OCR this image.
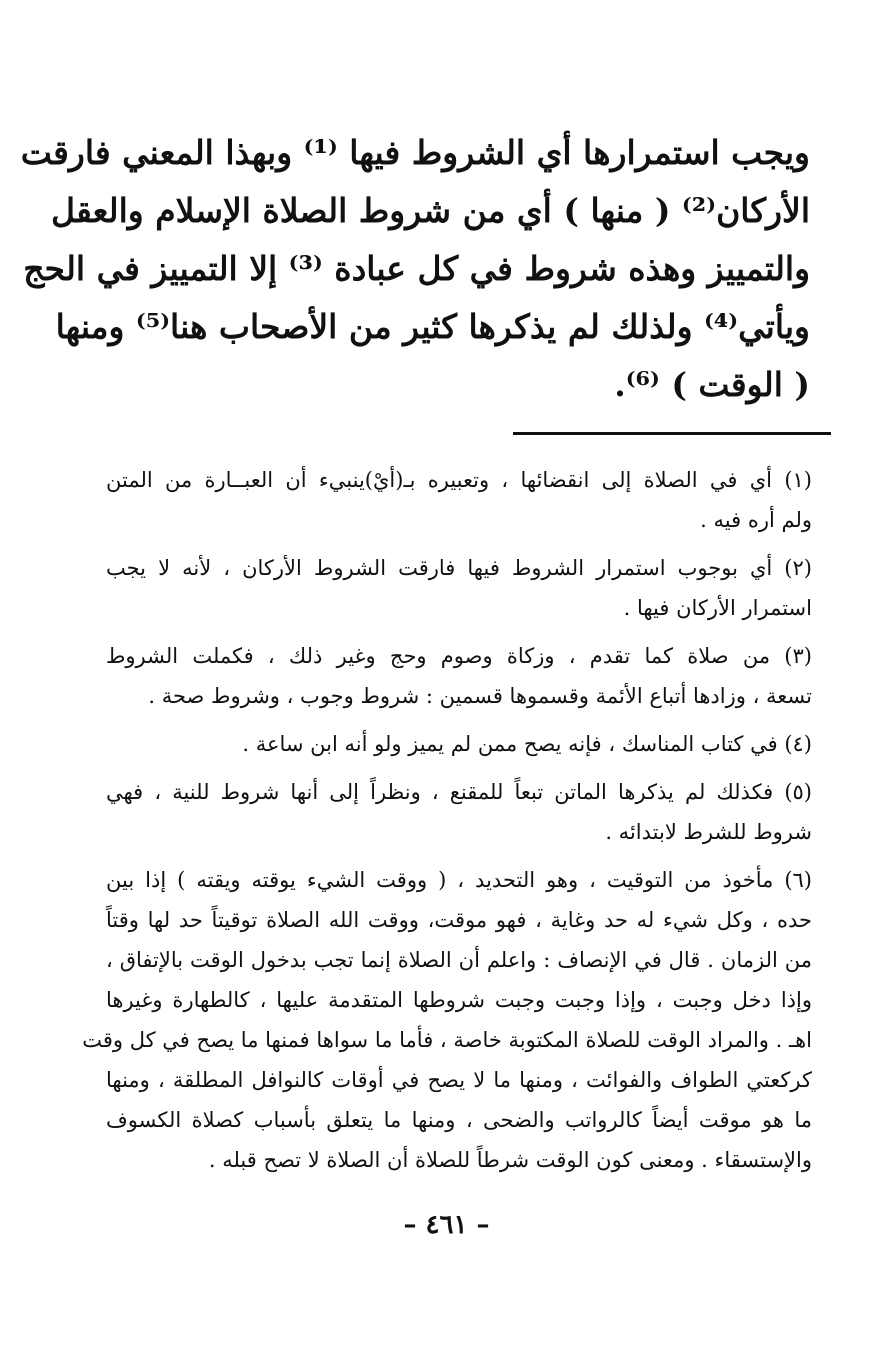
ويجب استمرارها أي الشروط فيها ⁽¹⁾ وبهذا المعني فارقت
الأركان⁽²⁾ ( منها ) أي من شروط الصلاة الإسلام والعقل
والتمييز وهذه شروط في كل عبادة ⁽³⁾ إلا التمييز في الحج
ويأتي⁽⁴⁾ ولذلك لم يذكرها كثير من الأصحاب هنا⁽⁵⁾ ومنها
( الوقت ) ⁽⁶⁾.
(١) أي في الصلاة إلى انقضائها ، وتعبيره بـ(أيْ)ينبيء أن العبــارة من المتن
ولم أره فيه .
(٢) أي بوجوب استمرار الشروط فيها فارقت الشروط الأركان ، لأنه لا يجب
استمرار الأركان فيها .
(٣) من صلاة كما تقدم ، وزكاة وصوم وحج وغير ذلك ، فكملت الشروط
تسعة ، وزادها أتباع الأئمة وقسموها قسمين : شروط وجوب ، وشروط صحة .
(٤) في كتاب المناسك ، فإنه يصح ممن لم يميز ولو أنه ابن ساعة .
(٥) فكذلك لم يذكرها الماتن تبعاً للمقنع ، ونظراً إلى أنها شروط للنية ، فهي
شروط للشرط لابتدائه .
(٦) مأخوذ من التوقيت ، وهو التحديد ، ( ووقت الشيء يوقته ويقته ) إذا بين
حده ، وكل شيء له حد وغاية ، فهو موقت، ووقت الله الصلاة توقيتاً حد لها وقتاً
من الزمان . قال في الإنصاف : واعلم أن الصلاة إنما تجب بدخول الوقت بالإتفاق ،
وإذا دخل وجبت ، وإذا وجبت وجبت شروطها المتقدمة عليها ، كالطهارة وغيرها
اهـ . والمراد الوقت للصلاة المكتوبة خاصة ، فأما ما سواها فمنها ما يصح في كل وقت
كركعتي الطواف والفوائت ، ومنها ما لا يصح في أوقات كالنوافل المطلقة ، ومنها
ما هو موقت أيضاً كالرواتب والضحى ، ومنها ما يتعلق بأسباب كصلاة الكسوف
والإستسقاء . ومعنى كون الوقت شرطاً للصلاة أن الصلاة لا تصح قبله .
– ٤٦١ –
